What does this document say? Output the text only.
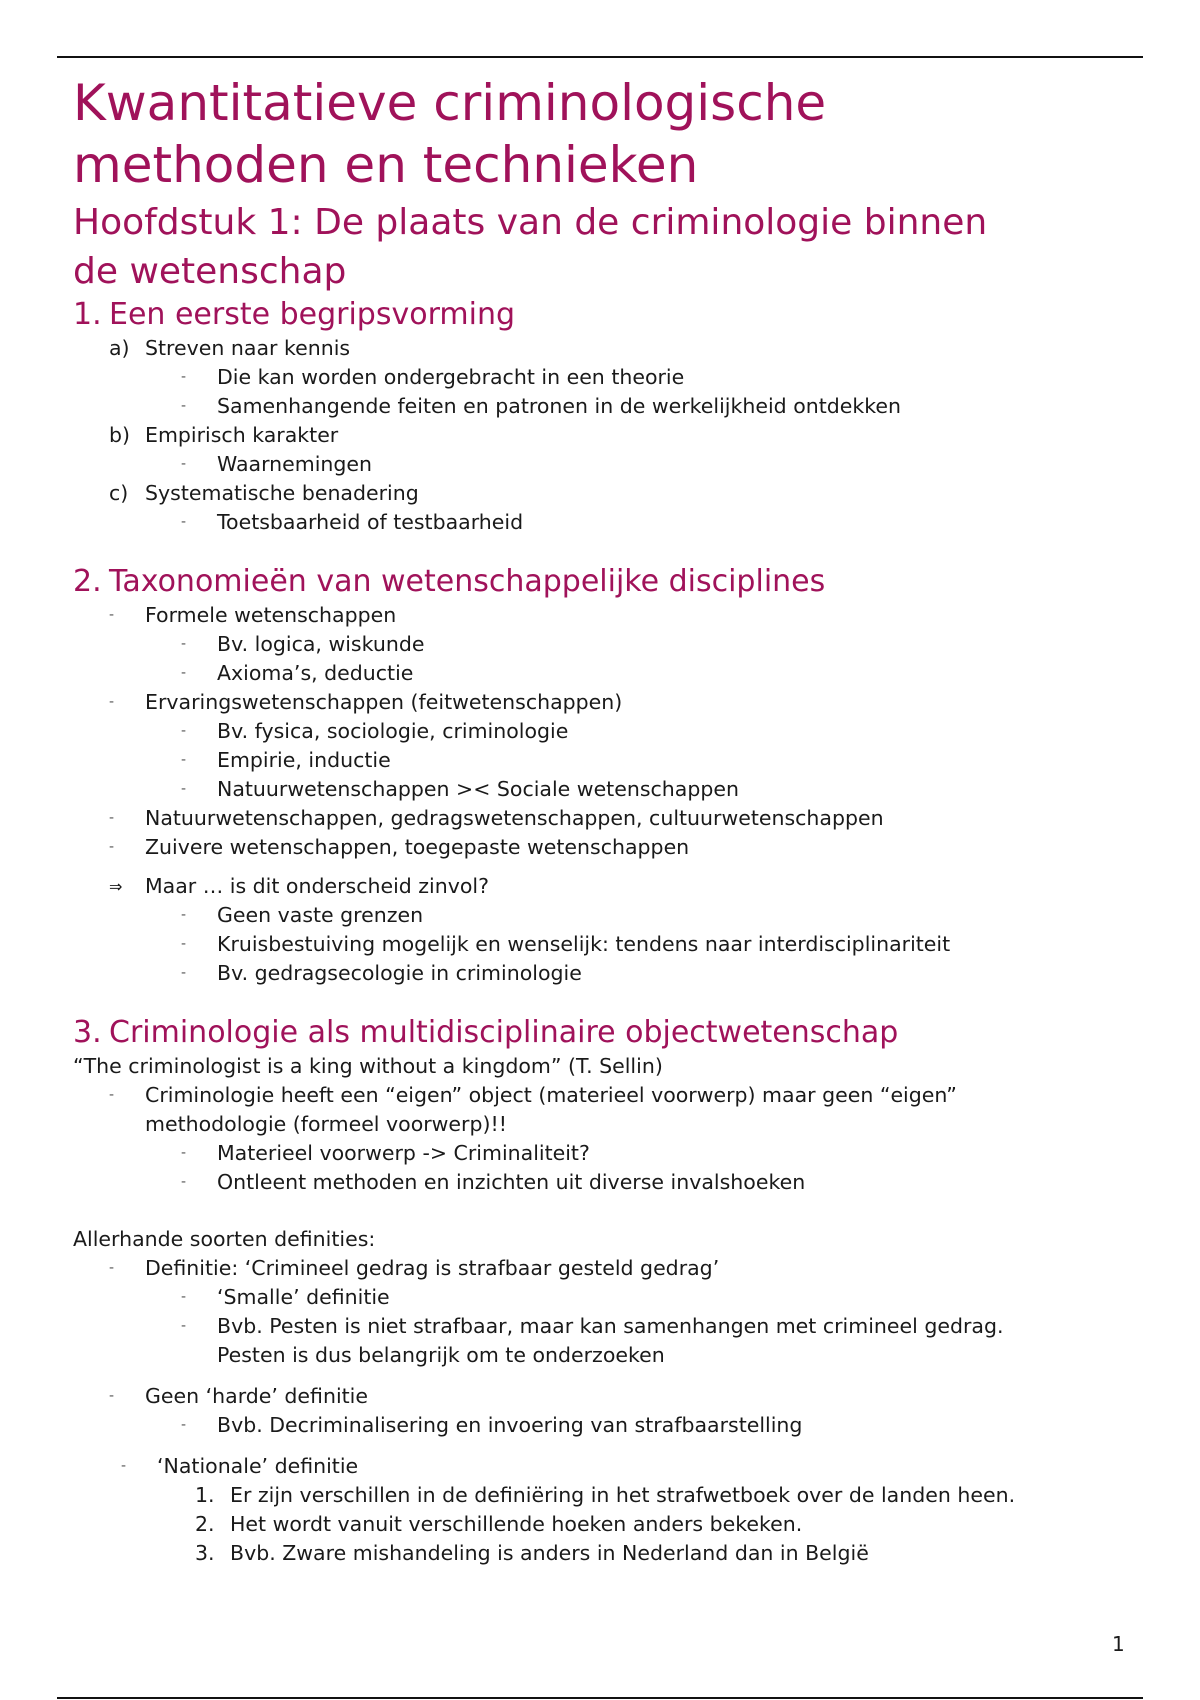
Kwantitatieve criminologische
methoden en technieken
Hoofdstuk 1: De plaats van de criminologie binnen
de wetenschap
1. Een eerste begripsvorming
a) Streven naar kennis
- Die kan worden ondergebracht in een theorie
- Samenhangende feiten en patronen in de werkelijkheid ontdekken
b) Empirisch karakter
- Waarnemingen
c) Systematische benadering
- Toetsbaarheid of testbaarheid
2. Taxonomieën van wetenschappelijke disciplines
- Formele wetenschappen
- Bv. logica, wiskunde
- Axioma’s, deductie
- Ervaringswetenschappen (feitwetenschappen)
- Bv. fysica, sociologie, criminologie
- Empirie, inductie
- Natuurwetenschappen >< Sociale wetenschappen
- Natuurwetenschappen, gedragswetenschappen, cultuurwetenschappen
- Zuivere wetenschappen, toegepaste wetenschappen
⇒ Maar … is dit onderscheid zinvol?
- Geen vaste grenzen
- Kruisbestuiving mogelijk en wenselijk: tendens naar interdisciplinariteit
- Bv. gedragsecologie in criminologie
3. Criminologie als multidisciplinaire objectwetenschap
“The criminologist is a king without a kingdom” (T. Sellin)
- Criminologie heeft een “eigen” object (materieel voorwerp) maar geen “eigen”
methodologie (formeel voorwerp)!!
- Materieel voorwerp -> Criminaliteit?
- Ontleent methoden en inzichten uit diverse invalshoeken
Allerhande soorten definities:
- Definitie: ‘Crimineel gedrag is strafbaar gesteld gedrag’
- ‘Smalle’ definitie
- Bvb. Pesten is niet strafbaar, maar kan samenhangen met crimineel gedrag.
Pesten is dus belangrijk om te onderzoeken
- Geen ‘harde’ definitie
- Bvb. Decriminalisering en invoering van strafbaarstelling
- ‘Nationale’ definitie
1. Er zijn verschillen in de definiëring in het strafwetboek over de landen heen.
2. Het wordt vanuit verschillende hoeken anders bekeken.
3. Bvb. Zware mishandeling is anders in Nederland dan in België
1
